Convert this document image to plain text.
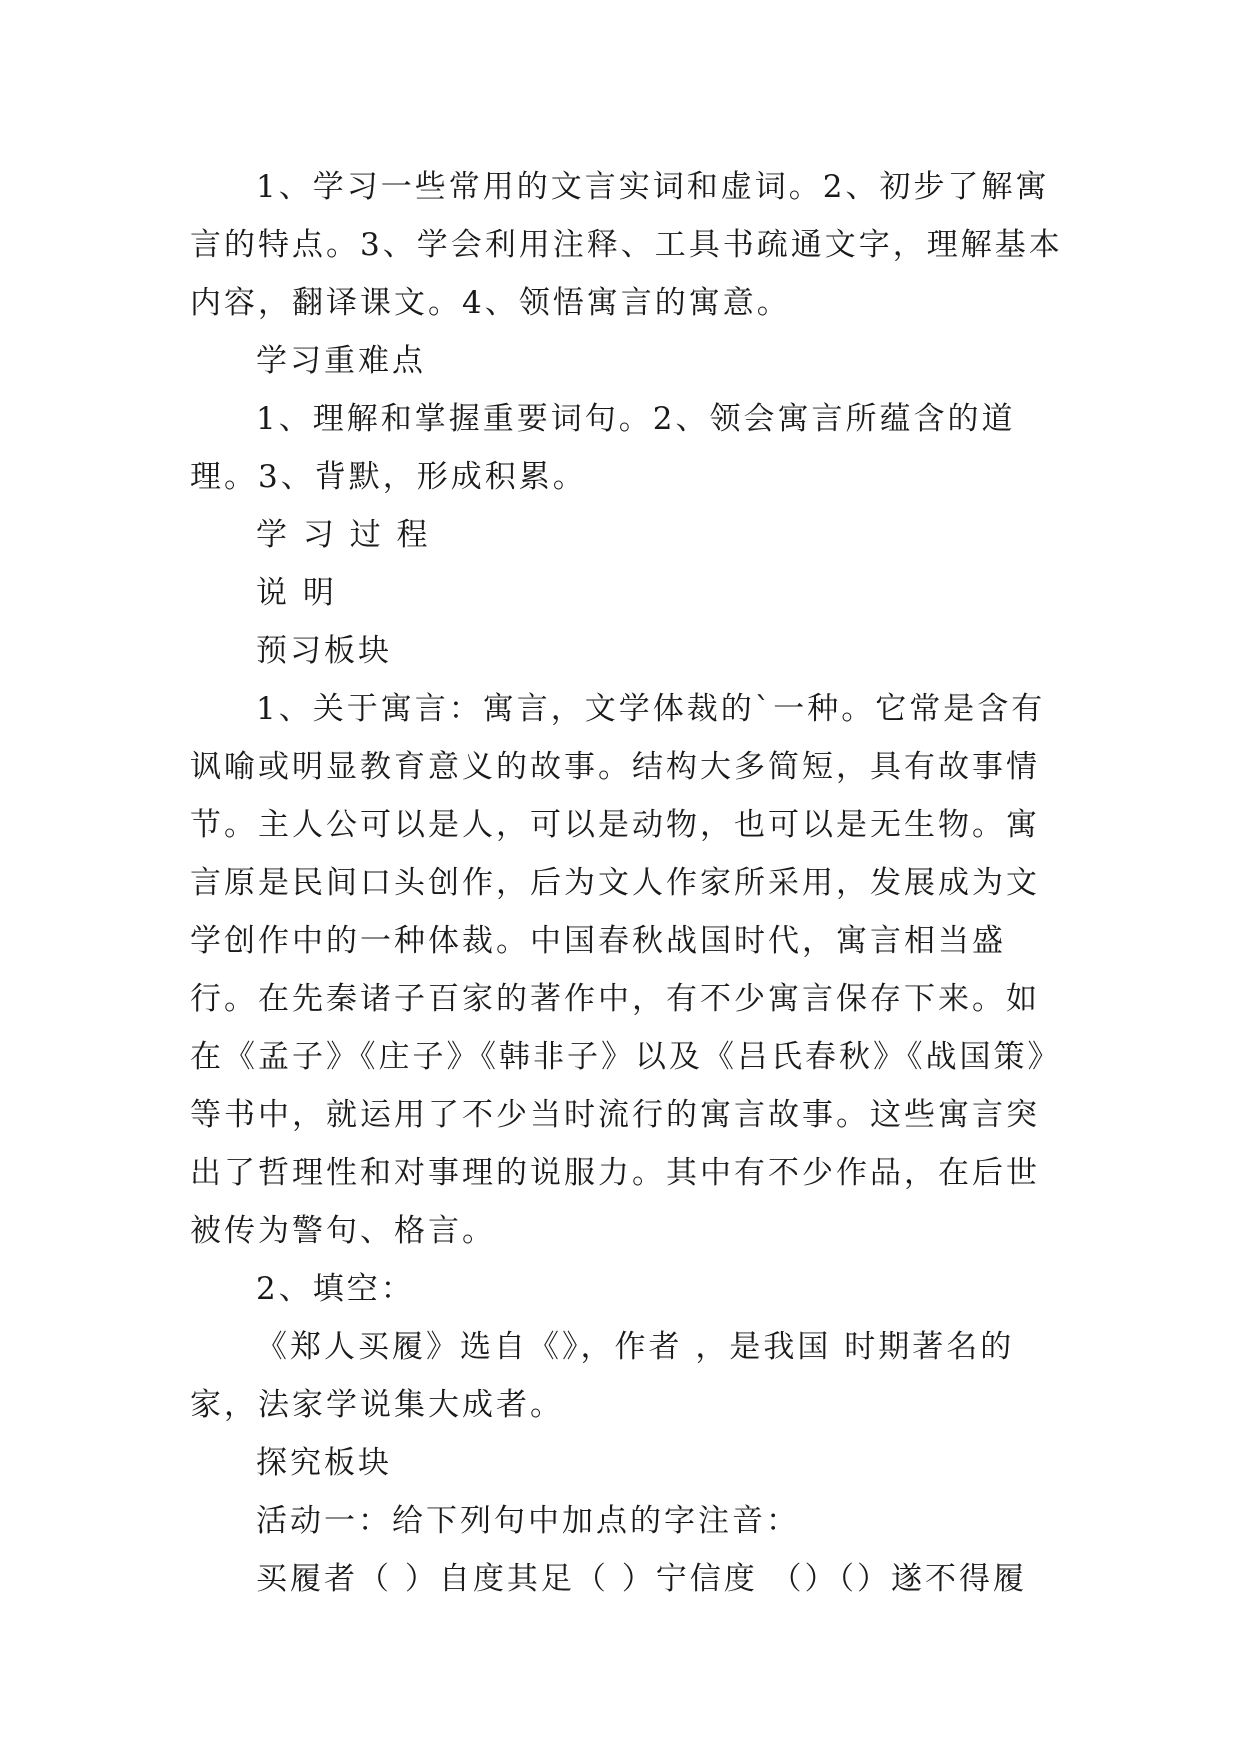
1、学习一些常用的文言实词和虚词。2、初步了解寓言的特点。3、学会利用注释、工具书疏通文字，理解基本内容，翻译课文。4、领悟寓言的寓意。

学习重难点

1、理解和掌握重要词句。2、领会寓言所蕴含的道理。3、背默，形成积累。

学 习 过 程

说 明

预习板块

1、关于寓言：寓言，文学体裁的`一种。它常是含有讽喻或明显教育意义的故事。结构大多简短，具有故事情节。主人公可以是人，可以是动物，也可以是无生物。寓言原是民间口头创作，后为文人作家所采用，发展成为文学创作中的一种体裁。中国春秋战国时代，寓言相当盛行。在先秦诸子百家的著作中，有不少寓言保存下来。如在《孟子》《庄子》《韩非子》以及《吕氏春秋》《战国策》等书中，就运用了不少当时流行的寓言故事。这些寓言突出了哲理性和对事理的说服力。其中有不少作品，在后世被传为警句、格言。

2、填空：

《郑人买履》选自《》，作者 ，是我国 时期著名的家，法家学说集大成者。

探究板块

活动一：给下列句中加点的字注音：

买履者（ ）自度其足（ ）宁信度 （）（）遂不得履
